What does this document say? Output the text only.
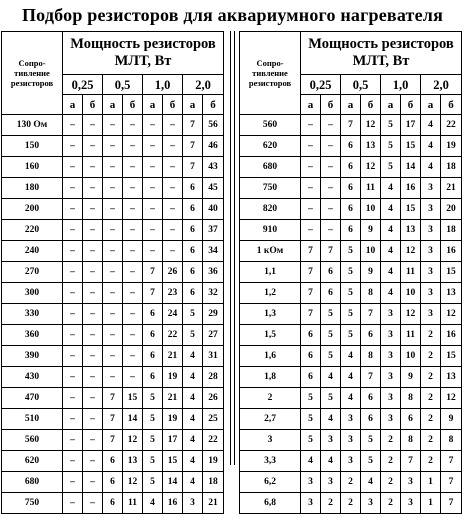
Подбор резисторов для аквариумного нагревателя
Сопро-
тивление
резисторов	Мощность резисторов МЛТ, Вт							
	0,25		0,5		1,0		2,0	
	а	б	а	б	а	б	а	б
130 Ом	–	–	–	–	–	–	7	56
150	–	–	–	–	–	–	7	46
160	–	–	–	–	–	–	7	43
180	–	–	–	–	–	–	6	45
200	–	–	–	–	–	–	6	40
220	–	–	–	–	–	–	6	37
240	–	–	–	–	–	–	6	34
270	–	–	–	–	7	26	6	36
300	–	–	–	–	7	23	6	32
330	–	–	–	–	6	24	5	29
360	–	–	–	–	6	22	5	27
390	–	–	–	–	6	21	4	31
430	–	–	–	–	6	19	4	28
470	–	–	7	15	5	21	4	26
510	–	–	7	14	5	19	4	25
560	–	–	7	12	5	17	4	22
620	–	–	6	13	5	15	4	19
680	–	–	6	12	5	14	4	18
750	–	–	6	11	4	16	3	21
Сопро-
тивление
резисторов	Мощность резисторов МЛТ, Вт							
	0,25		0,5		1,0		2,0	
	а	б	а	б	а	б	а	б
560	–	–	7	12	5	17	4	22
620	–	–	6	13	5	15	4	19
680	–	–	6	12	5	14	4	18
750	–	–	6	11	4	16	3	21
820	–	–	6	10	4	15	3	20
910	–	–	6	9	4	13	3	18
1 кОм	7	7	5	10	4	12	3	16
1,1	7	6	5	9	4	11	3	15
1,2	7	6	5	8	4	10	3	13
1,3	7	5	5	7	3	12	3	12
1,5	6	5	5	6	3	11	2	16
1,6	6	5	4	8	3	10	2	15
1,8	6	4	4	7	3	9	2	13
2	5	5	4	6	3	8	2	12
2,7	5	4	3	6	3	6	2	9
3	5	3	3	5	2	8	2	8
3,3	4	4	3	5	2	7	2	7
6,2	3	3	2	4	2	3	1	7
6,8	3	2	2	3	2	3	1	7
